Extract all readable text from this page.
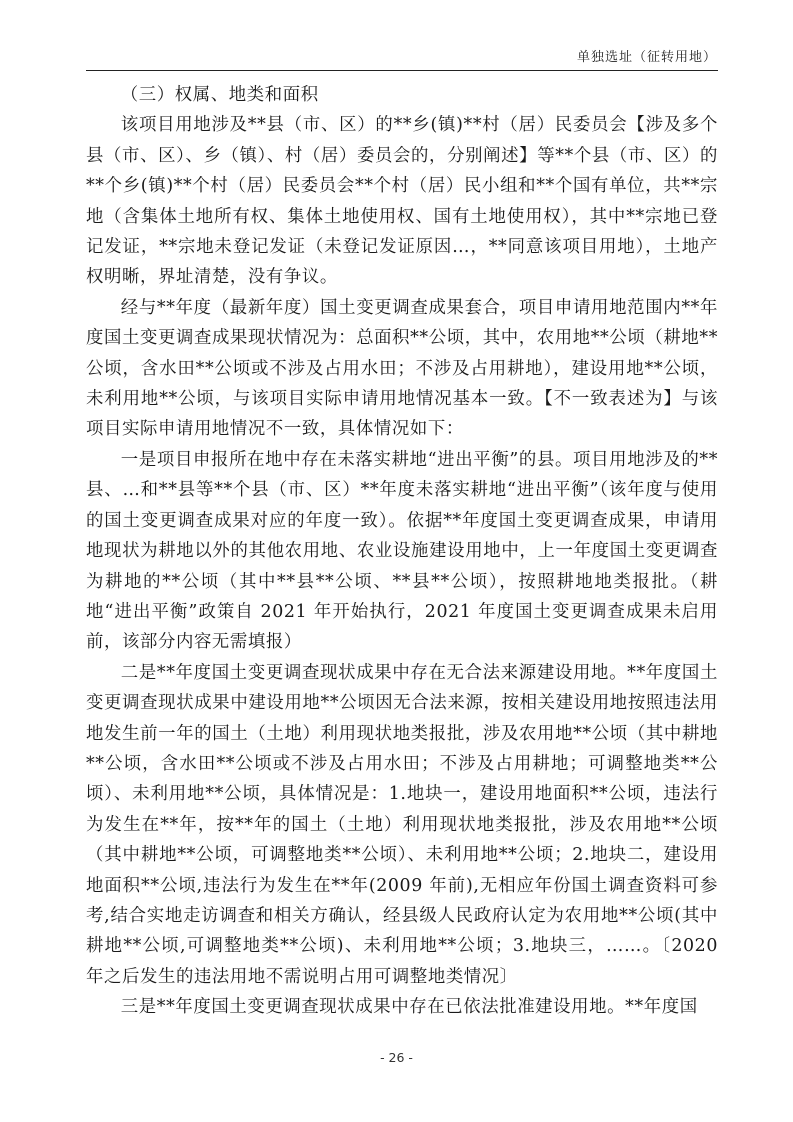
单独选址（征转用地）

（三）权属、地类和面积

该项目用地涉及**县（市、区）的**乡(镇)**村（居）民委员会【涉及多个县（市、区）、乡（镇）、村（居）委员会的，分别阐述】等**个县（市、区）的**个乡(镇)**个村（居）民委员会**个村（居）民小组和**个国有单位，共**宗地（含集体土地所有权、集体土地使用权、国有土地使用权），其中**宗地已登记发证，**宗地未登记发证（未登记发证原因…，**同意该项目用地），土地产权明晰，界址清楚，没有争议。

经与**年度（最新年度）国土变更调查成果套合，项目申请用地范围内**年度国土变更调查成果现状情况为：总面积**公顷，其中，农用地**公顷（耕地**公顷，含水田**公顷或不涉及占用水田；不涉及占用耕地），建设用地**公顷，未利用地**公顷，与该项目实际申请用地情况基本一致。【不一致表述为】与该项目实际申请用地情况不一致，具体情况如下：

一是项目申报所在地中存在未落实耕地“进出平衡”的县。项目用地涉及的**县、…和**县等**个县（市、区）**年度未落实耕地“进出平衡”（该年度与使用的国土变更调查成果对应的年度一致）。依据**年度国土变更调查成果，申请用地现状为耕地以外的其他农用地、农业设施建设用地中，上一年度国土变更调查为耕地的**公顷（其中**县**公顷、**县**公顷），按照耕地地类报批。（耕地“进出平衡”政策自 2021 年开始执行，2021 年度国土变更调查成果未启用前，该部分内容无需填报）

二是**年度国土变更调查现状成果中存在无合法来源建设用地。**年度国土变更调查现状成果中建设用地**公顷因无合法来源，按相关建设用地按照违法用地发生前一年的国土（土地）利用现状地类报批，涉及农用地**公顷（其中耕地**公顷，含水田**公顷或不涉及占用水田；不涉及占用耕地；可调整地类**公顷）、未利用地**公顷，具体情况是：1.地块一，建设用地面积**公顷，违法行为发生在**年，按**年的国土（土地）利用现状地类报批，涉及农用地**公顷（其中耕地**公顷，可调整地类**公顷）、未利用地**公顷；2.地块二，建设用地面积**公顷,违法行为发生在**年(2009 年前),无相应年份国土调查资料可参考,结合实地走访调查和相关方确认，经县级人民政府认定为农用地**公顷(其中耕地**公顷,可调整地类**公顷)、未利用地**公顷；3.地块三，……。〔2020 年之后发生的违法用地不需说明占用可调整地类情况〕

三是**年度国土变更调查现状成果中存在已依法批准建设用地。**年度国

- 26 -
